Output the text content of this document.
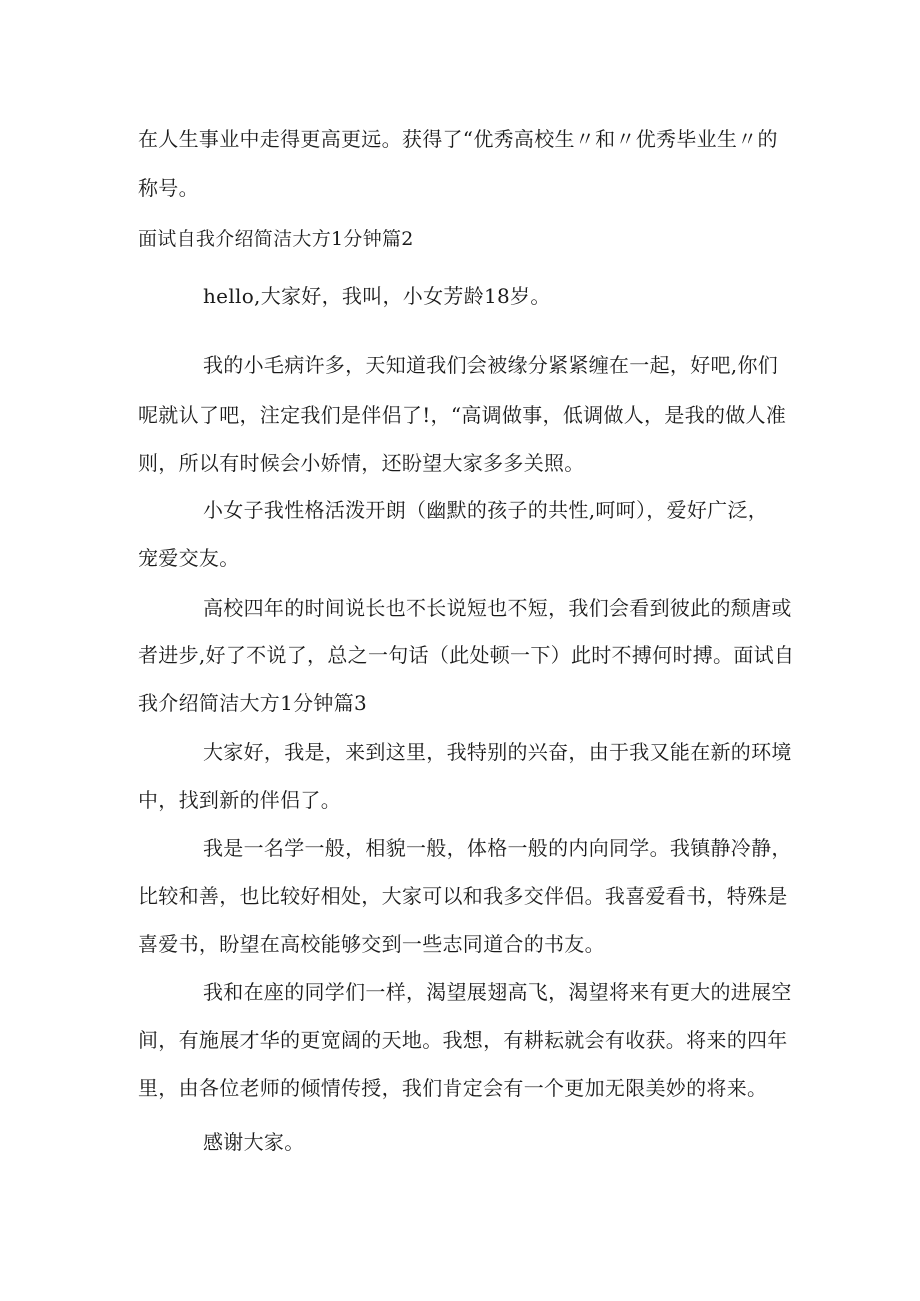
在人生事业中走得更高更远。获得了“优秀高校生〃和〃优秀毕业生〃的
称号。
面试自我介绍简洁大方1分钟篇2
hello,大家好，我叫，小女芳龄18岁。
我的小毛病许多，天知道我们会被缘分紧紧缠在一起，好吧,你们
呢就认了吧，注定我们是伴侣了!，“高调做事，低调做人，是我的做人准
则，所以有时候会小娇情，还盼望大家多多关照。
小女子我性格活泼开朗（幽默的孩子的共性,呵呵），爱好广泛，
宠爱交友。
高校四年的时间说长也不长说短也不短，我们会看到彼此的颓唐或
者进步,好了不说了，总之一句话（此处顿一下）此时不搏何时搏。面试自
我介绍简洁大方1分钟篇3
大家好，我是，来到这里，我特别的兴奋，由于我又能在新的环境
中，找到新的伴侣了。
我是一名学一般，相貌一般，体格一般的内向同学。我镇静冷静，
比较和善，也比较好相处，大家可以和我多交伴侣。我喜爱看书，特殊是
喜爱书，盼望在高校能够交到一些志同道合的书友。
我和在座的同学们一样，渴望展翅高飞，渴望将来有更大的进展空
间，有施展才华的更宽阔的天地。我想，有耕耘就会有收获。将来的四年
里，由各位老师的倾情传授，我们肯定会有一个更加无限美妙的将来。
感谢大家。
